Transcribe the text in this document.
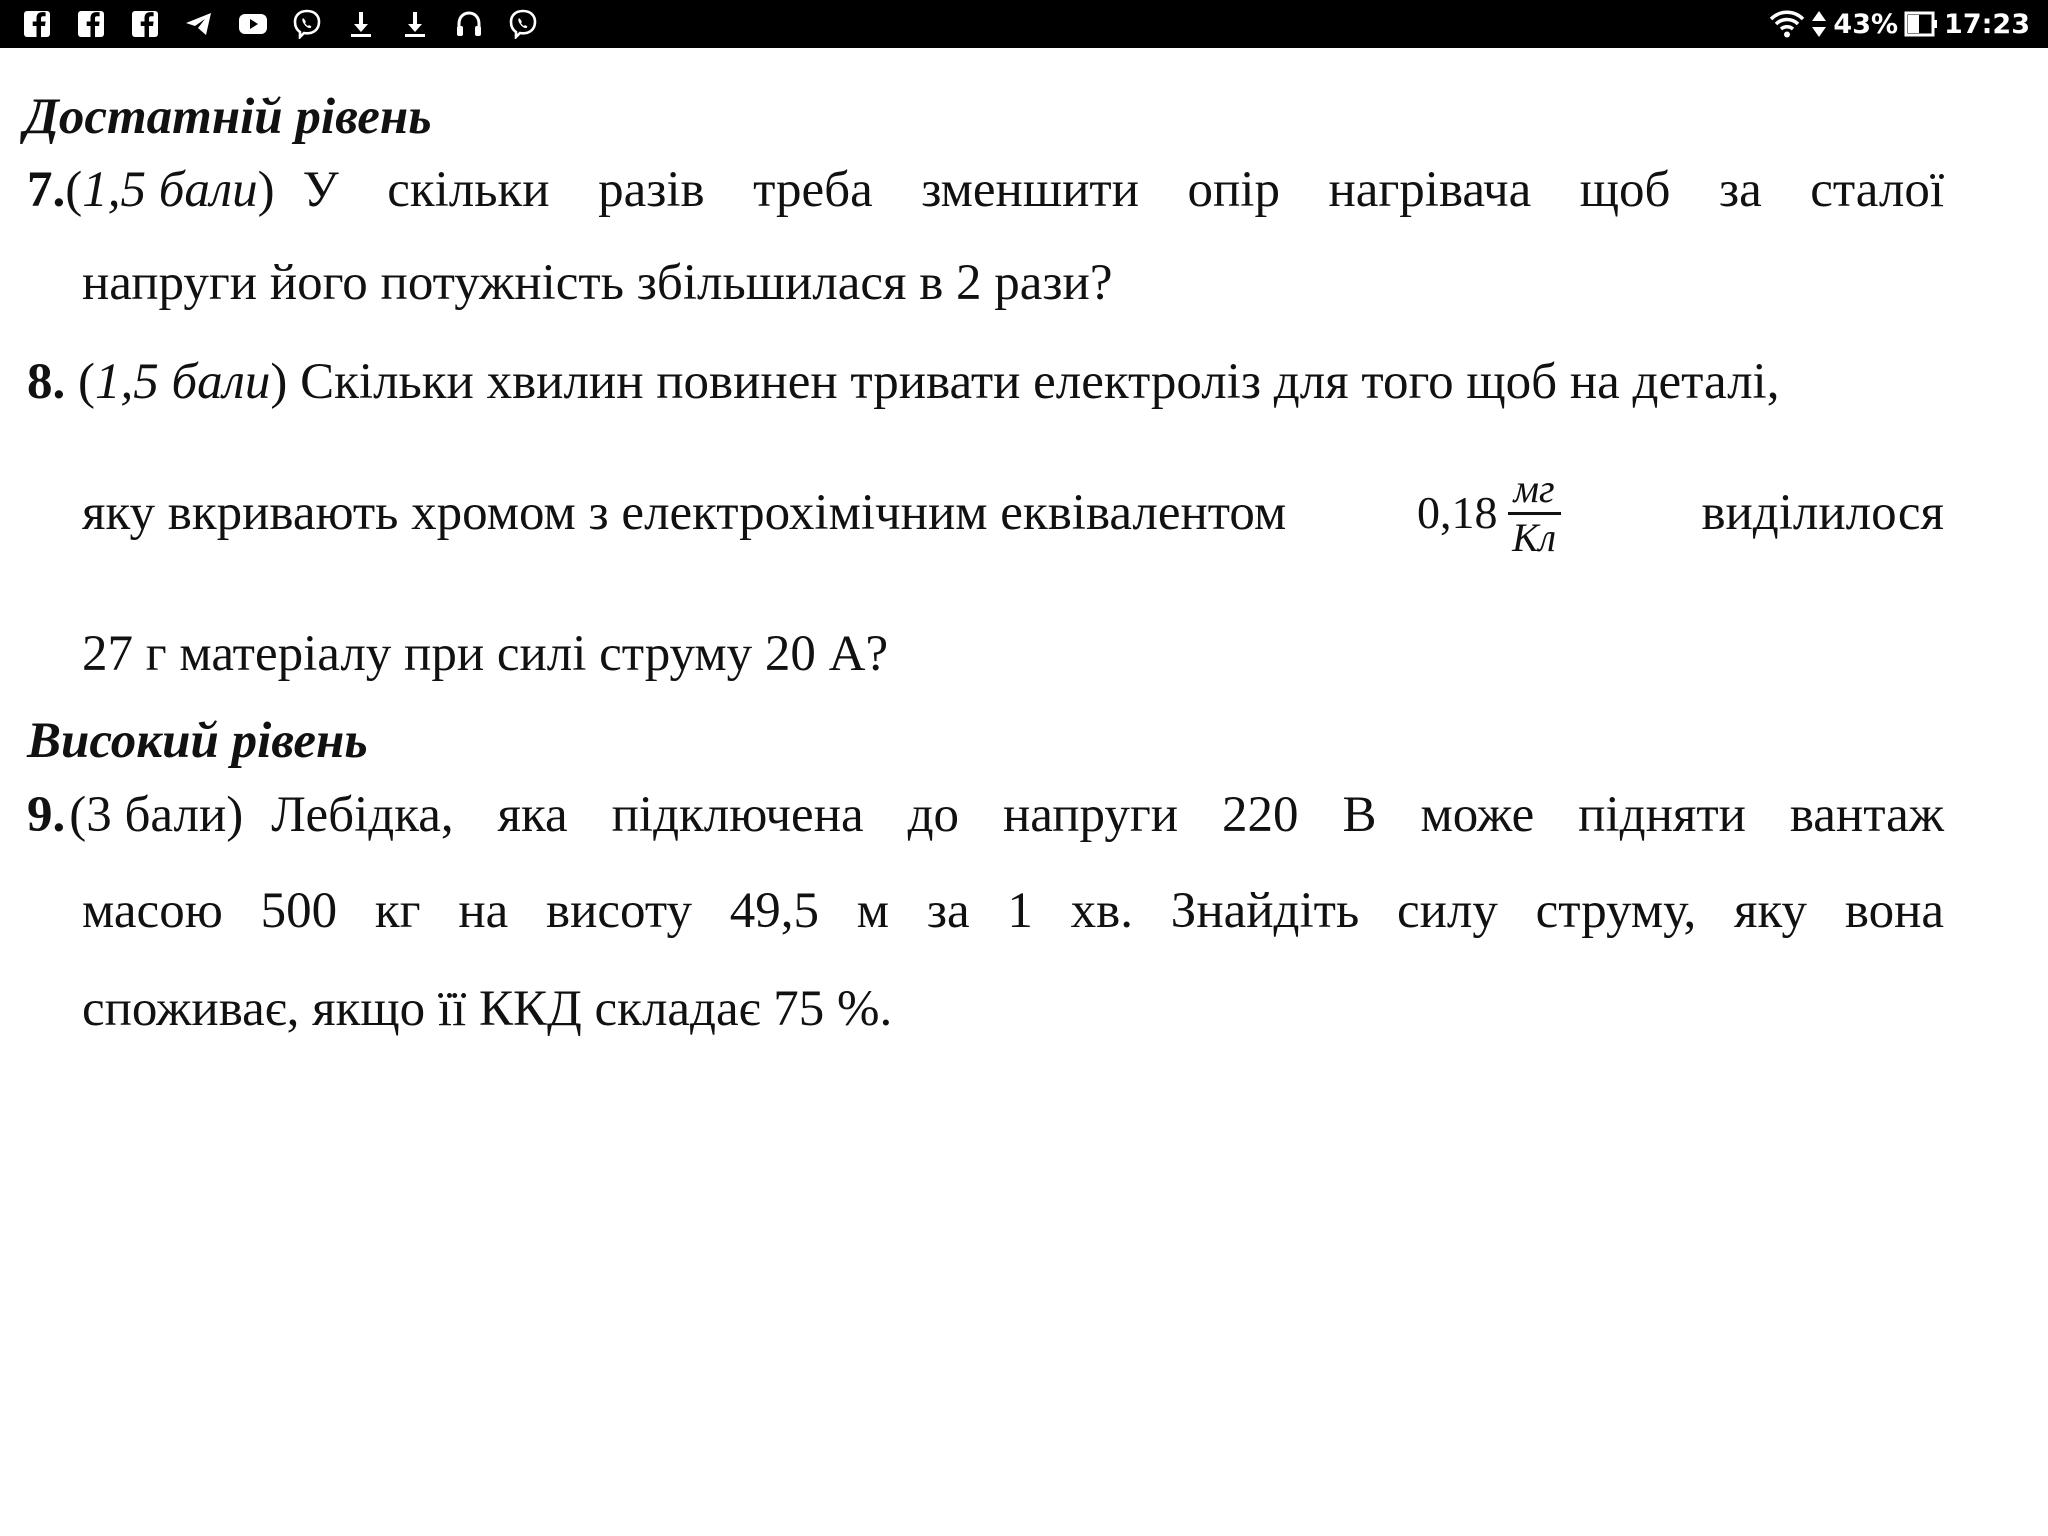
43% 17:23
Достатній рівень
7. (1,5 бали) У скільки разів треба зменшити опір нагрівача щоб за сталої
напруги його потужність збільшилася в 2 рази?
8. (1,5 бали) Скільки хвилин повинен тривати електроліз для того щоб на деталі,
яку вкривають хромом з електрохімічним еквівалентом	$0,18 \frac{мг}{Кл}$	виділилося
27 г матеріалу при силі струму 20 А?
Високий рівень
9. (3 бали) Лебідка, яка підключена до напруги 220 В може підняти вантаж
масою 500 кг на висоту 49,5 м за 1 хв. Знайдіть силу струму, яку вона
споживає, якщо її ККД складає 75 %.
